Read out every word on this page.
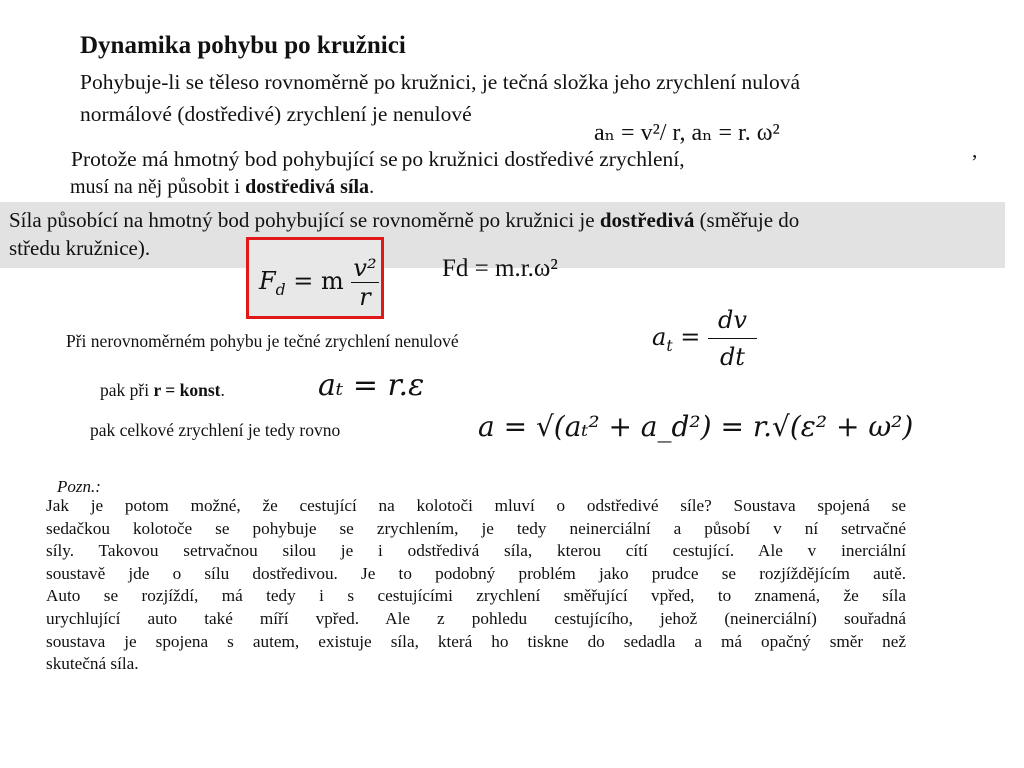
Dynamika pohybu po kružnici
Pohybuje-li se těleso rovnoměrně po kružnici, je tečná složka jeho zrychlení nulová
normálové (dostředivé) zrychlení je nenulové
aₙ = v²/ r, aₙ = r. ω²
,
Protože má hmotný bod pohybující se po kružnici dostředivé zrychlení,
musí na něj působit i dostředivá síla.
Síla působící na hmotný bod pohybující se rovnoměrně po kružnici je dostředivá (směřuje do
středu kružnice).
$F_d = m \frac{\text{v²}}{r}$	Fd = m.r.ω²
Při nerovnoměrném pohybu je tečné zrychlení nenulové	$a_t = \frac{dv}{dt}$
pak při r = konst.	aₜ = r.ε
pak celkové zrychlení je tedy rovno	a = √(aₜ² + a_d²) = r.√(ε² + ω²)
Pozn.:
Jak je potom možné, že cestující na kolotoči mluví o odstředivé síle? Soustava spojená se
sedačkou kolotoče se pohybuje se zrychlením, je tedy neinerciální a působí v ní setrvačné
síly. Takovou setrvačnou silou je i odstředivá síla, kterou cítí cestující. Ale v inerciální
soustavě jde o sílu dostředivou. Je to podobný problém jako prudce se rozjíždějícím autě.
Auto se rozjíždí, má tedy i s cestujícími zrychlení směřující vpřed, to znamená, že síla
urychlující auto také míří vpřed. Ale z pohledu cestujícího, jehož (neinerciální) souřadná
soustava je spojena s autem, existuje síla, která ho tiskne do sedadla a má opačný směr než
skutečná síla.
